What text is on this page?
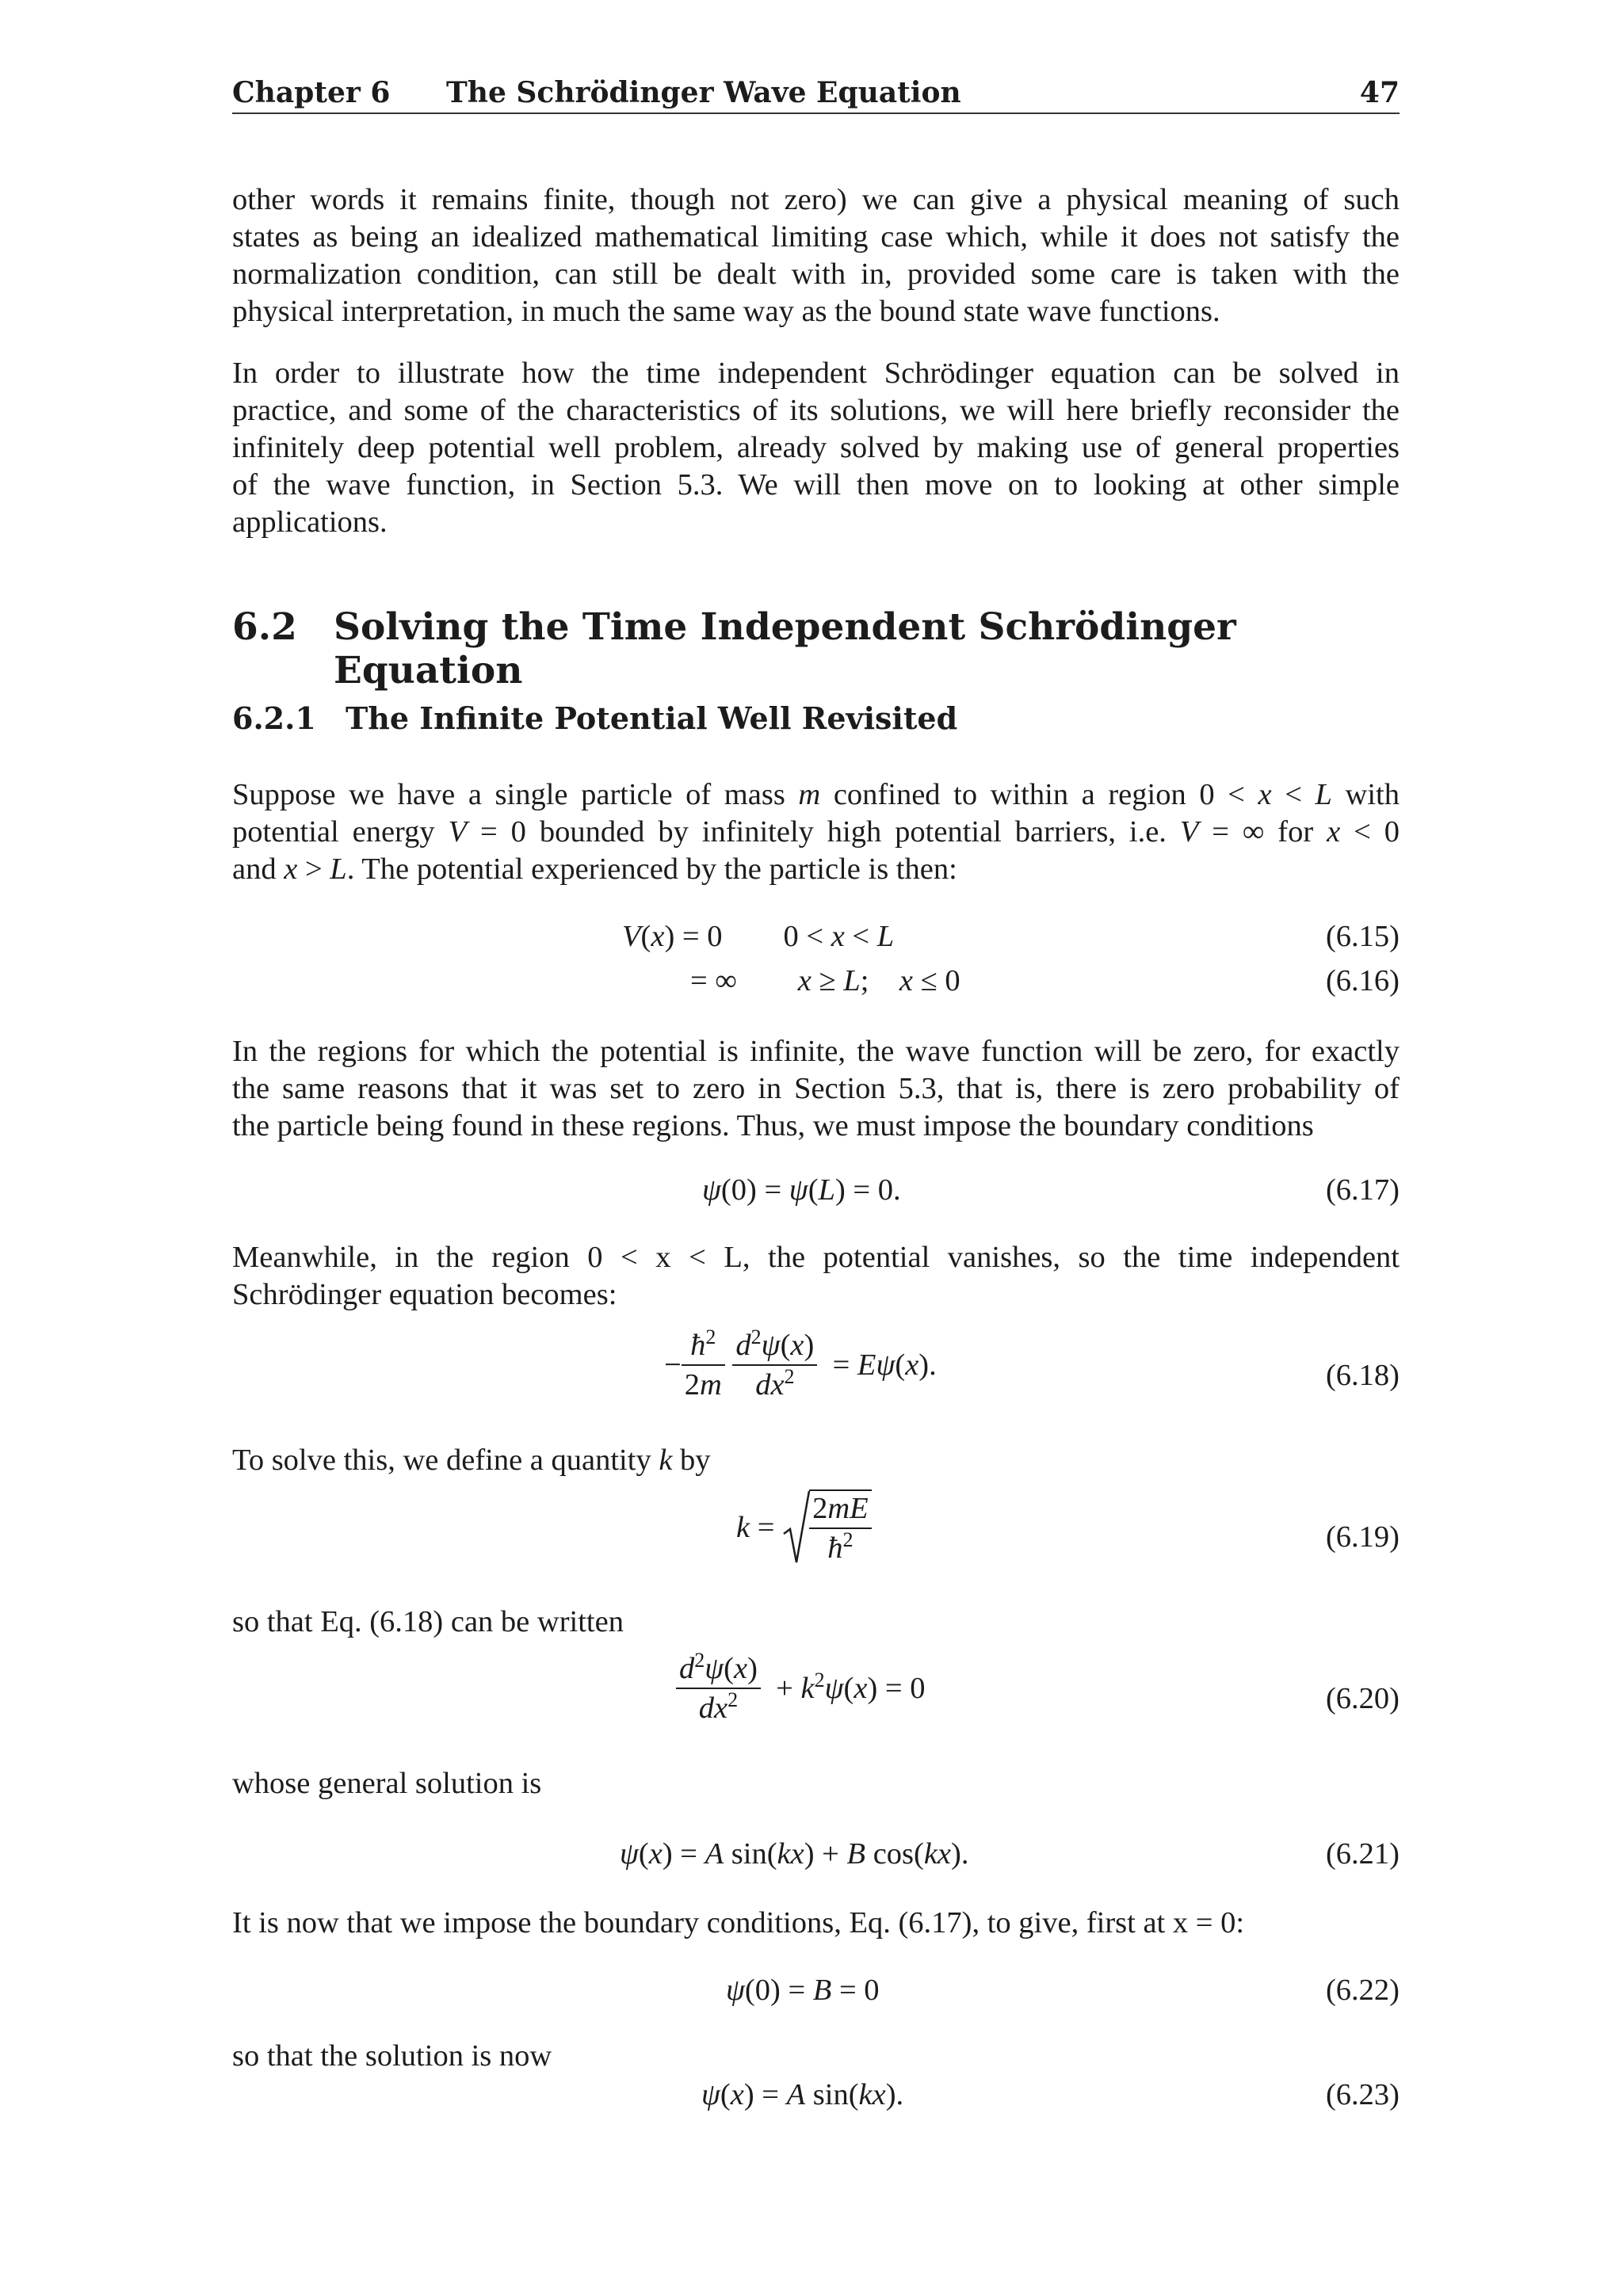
Chapter 6 The Schrödinger Wave Equation	47
other words it remains finite, though not zero) we can give a physical meaning of such
states as being an idealized mathematical limiting case which, while it does not satisfy the
normalization condition, can still be dealt with in, provided some care is taken with the
physical interpretation, in much the same way as the bound state wave functions.
In order to illustrate how the time independent Schrödinger equation can be solved in
practice, and some of the characteristics of its solutions, we will here briefly reconsider the
infinitely deep potential well problem, already solved by making use of general properties
of the wave function, in Section 5.3. We will then move on to looking at other simple
applications.
6.2 Solving the Time Independent Schrödinger Equation
6.2.1 The Infinite Potential Well Revisited
Suppose we have a single particle of mass m confined to within a region 0 < x < L with
potential energy V = 0 bounded by infinitely high potential barriers, i.e. V = ∞ for x < 0
and x > L. The potential experienced by the particle is then:
V(x) = 0        0 < x < L	(6.15)
= ∞        x ≥ L;    x ≤ 0	(6.16)
In the regions for which the potential is infinite, the wave function will be zero, for exactly
the same reasons that it was set to zero in Section 5.3, that is, there is zero probability of
the particle being found in these regions. Thus, we must impose the boundary conditions
ψ(0) = ψ(L) = 0.	(6.17)
Meanwhile, in the region 0 < x < L, the potential vanishes, so the time independent
Schrödinger equation becomes:
− $\frac{ħ^2}{2m}$
$\frac{d^2\psi(x)}{dx^2} = E\psi(x)$.	(6.18)
To solve this, we define a quantity k by
$k = \frac{2mE}{ħ^2}$	(6.19)
so that Eq. (6.18) can be written
$\frac{d^2\psi(x)}{dx^2} + k^2\psi(x) = 0$	(6.20)
whose general solution is
ψ(x) = A sin(kx) + B cos(kx).	(6.21)
It is now that we impose the boundary conditions, Eq. (6.17), to give, first at x = 0:
ψ(0) = B = 0	(6.22)
so that the solution is now
ψ(x) = A sin(kx).	(6.23)
